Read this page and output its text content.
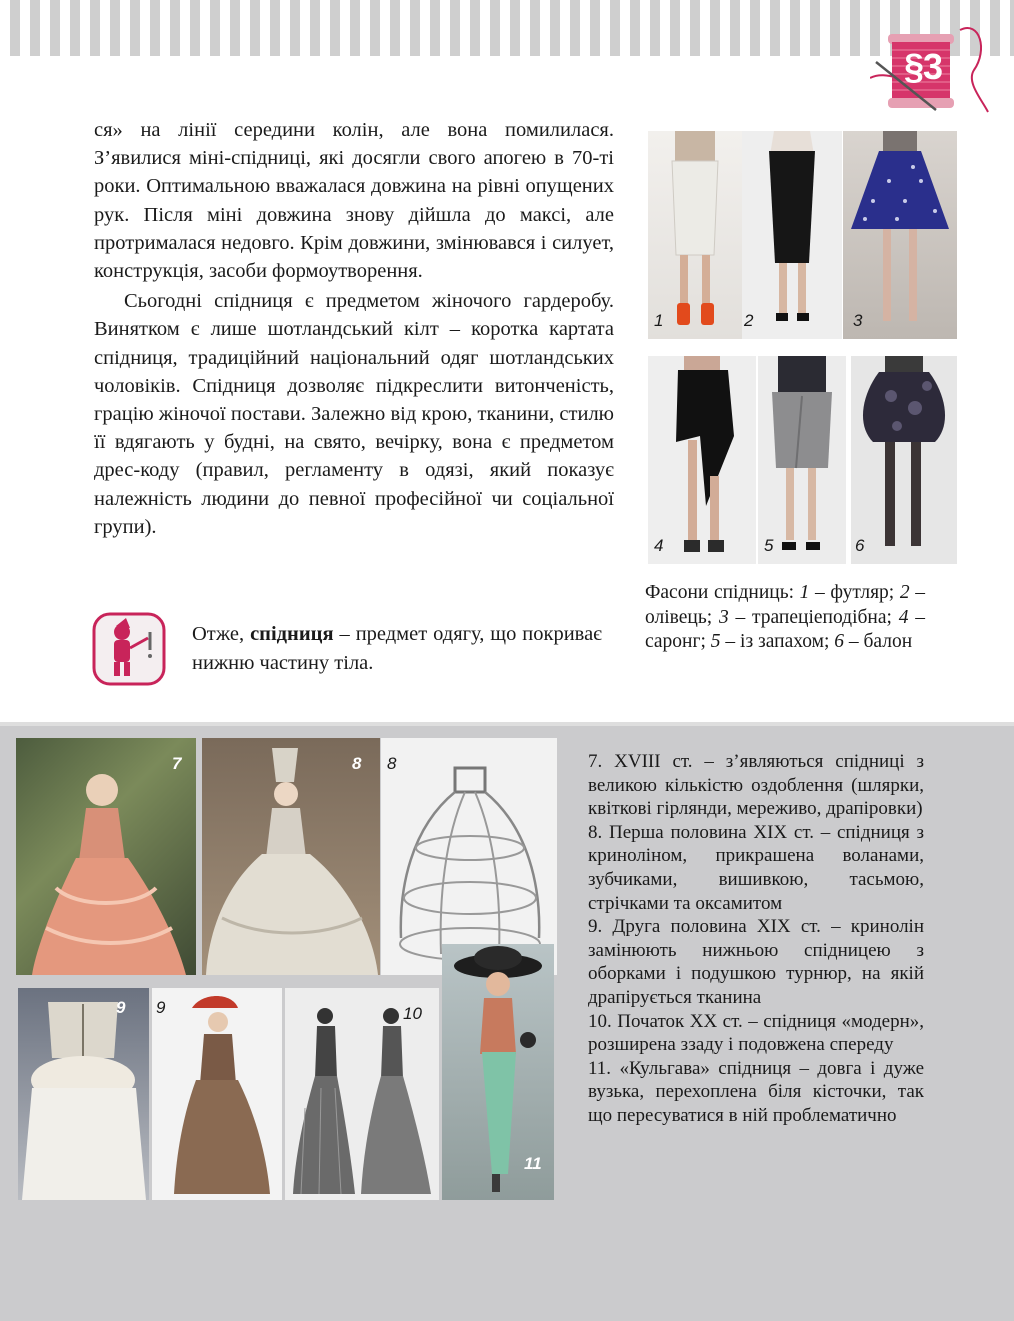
§3

ся» на лінії середини колін, але вона помилилася. З’явилися міні-спідниці, які досягли свого апогею в 70-ті роки. Оптимальною вважалася довжина на рівні опущених рук. Після міні довжина знову дійшла до максі, але протрималася недовго. Крім довжини, змінювався і силует, конструкція, засоби формоутворення.

Сьогодні спідниця є предметом жіночого гардеробу. Винятком є лише шотландський кілт – коротка картата спідниця, традиційний національний одяг шотландських чоловіків. Спідниця дозволяє підкреслити витонченість, грацію жіночої постави. Залежно від крою, тканини, стилю її вдягають у будні, на свято, вечірку, вона є предметом дрес-коду (правил, регламенту в одязі, який показує належність людини до певної професійної чи соціальної групи).

1	2	3
4	5	6
Фасони спідниць: 1 – футляр; 2 – олівець; 3 – трапеціеподібна; 4 – саронг; 5 – із запахом; 6 – балон
Отже, спідниця – предмет одягу, що покриває нижню частину тіла.
7	8 8
9 9	10
11

7. XVIII ст. – з’являються спідниці з великою кількістю оздоблення (шлярки, квіткові гірлянди, мереживо, драпіровки)

8. Перша половина XIX ст. – спідниця з криноліном, прикрашена воланами, зубчиками, вишивкою, тасьмою, стрічками та оксамитом

9. Друга половина XIX ст. – кринолін замінюють нижньою спідницею з оборками і подушкою турнюр, на якій драпірується тканина

10. Початок XX ст. – спідниця «модерн», розширена ззаду і подовжена спереду

11. «Кульгава» спідниця – довга і дуже вузька, перехоплена біля кісточки, так що пересуватися в ній проблематично
